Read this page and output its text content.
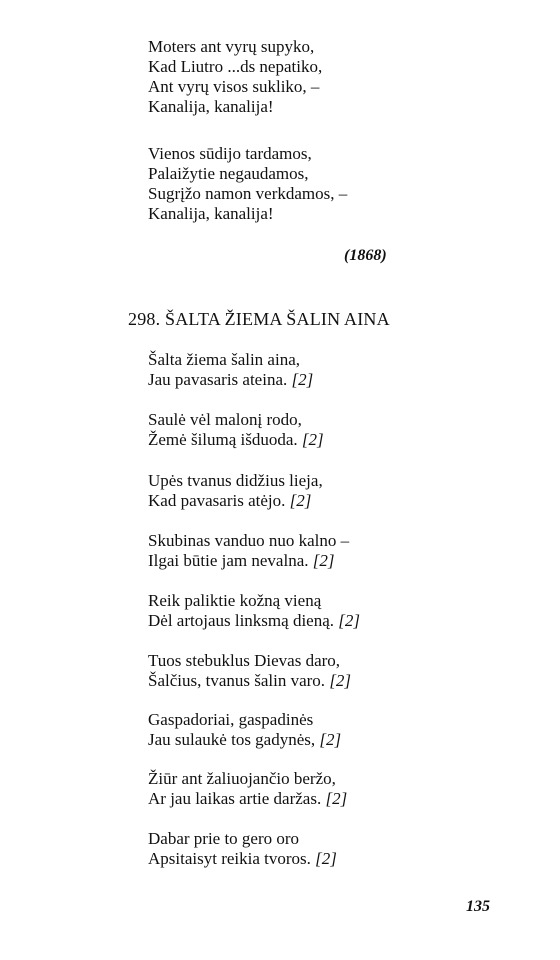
Moters ant vyrų supyko,
Kad Liutro ...ds nepatiko,
Ant vyrų visos sukliko, –
Kanalija, kanalija!
Vienos sūdijo tardamos,
Palaižytie negaudamos,
Sugrįžo namon verkdamos, –
Kanalija, kanalija!
(1868)
298. ŠALTA ŽIEMA ŠALIN AINA
Šalta žiema šalin aina,
Jau pavasaris ateina. [2]
Saulė vėl malonį rodo,
Žemė šilumą išduoda. [2]
Upės tvanus didžius lieja,
Kad pavasaris atėjo. [2]
Skubinas vanduo nuo kalno –
Ilgai būtie jam nevalna. [2]
Reik paliktie kožną vieną
Dėl artojaus linksmą dieną. [2]
Tuos stebuklus Dievas daro,
Šalčius, tvanus šalin varo. [2]
Gaspadoriai, gaspadinės
Jau sulaukė tos gadynės, [2]
Žiūr ant žaliuojančio beržo,
Ar jau laikas artie daržas. [2]
Dabar prie to gero oro
Apsitaisyt reikia tvoros. [2]
135
